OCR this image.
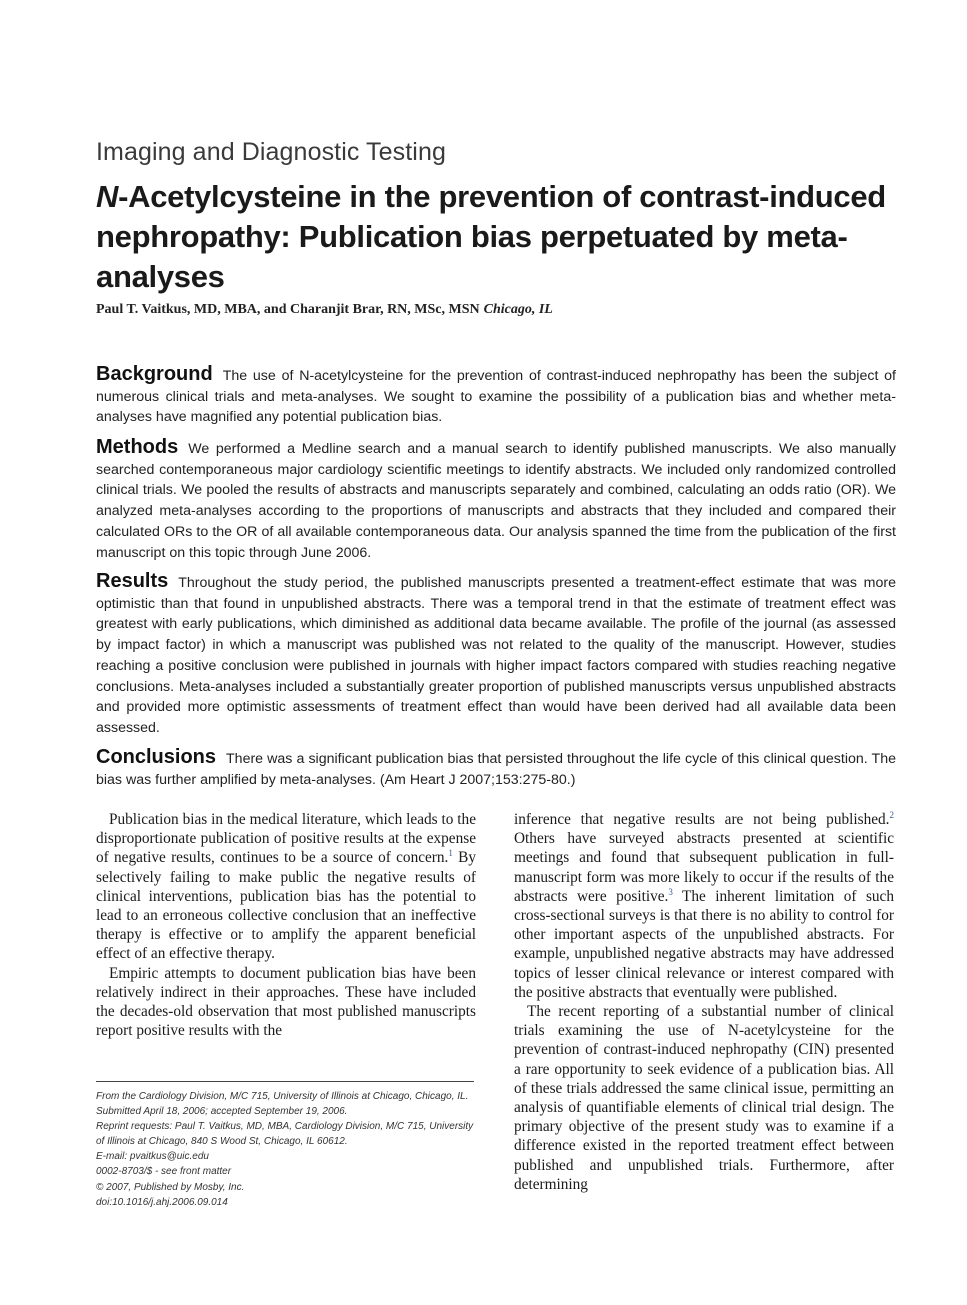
Imaging and Diagnostic Testing
N-Acetylcysteine in the prevention of contrast-induced nephropathy: Publication bias perpetuated by meta-analyses
Paul T. Vaitkus, MD, MBA, and Charanjit Brar, RN, MSc, MSN Chicago, IL

Background The use of N-acetylcysteine for the prevention of contrast-induced nephropathy has been the subject of numerous clinical trials and meta-analyses. We sought to examine the possibility of a publication bias and whether meta-analyses have magnified any potential publication bias.

Methods We performed a Medline search and a manual search to identify published manuscripts. We also manually searched contemporaneous major cardiology scientific meetings to identify abstracts. We included only randomized controlled clinical trials. We pooled the results of abstracts and manuscripts separately and combined, calculating an odds ratio (OR). We analyzed meta-analyses according to the proportions of manuscripts and abstracts that they included and compared their calculated ORs to the OR of all available contemporaneous data. Our analysis spanned the time from the publication of the first manuscript on this topic through June 2006.

Results Throughout the study period, the published manuscripts presented a treatment-effect estimate that was more optimistic than that found in unpublished abstracts. There was a temporal trend in that the estimate of treatment effect was greatest with early publications, which diminished as additional data became available. The profile of the journal (as assessed by impact factor) in which a manuscript was published was not related to the quality of the manuscript. However, studies reaching a positive conclusion were published in journals with higher impact factors compared with studies reaching negative conclusions. Meta-analyses included a substantially greater proportion of published manuscripts versus unpublished abstracts and provided more optimistic assessments of treatment effect than would have been derived had all available data been assessed.

Conclusions There was a significant publication bias that persisted throughout the life cycle of this clinical question. The bias was further amplified by meta-analyses. (Am Heart J 2007;153:275-80.)

Publication bias in the medical literature, which leads to the disproportionate publication of positive results at the expense of negative results, continues to be a source of concern.$^1$ By selectively failing to make public the negative results of clinical interventions, publication bias has the potential to lead to an erroneous collective conclusion that an ineffective therapy is effective or to amplify the apparent beneficial effect of an effective therapy.

Empiric attempts to document publication bias have been relatively indirect in their approaches. These have included the decades-old observation that most published manuscripts report positive results with the

inference that negative results are not being published.$^2$ Others have surveyed abstracts presented at scientific meetings and found that subsequent publication in full-manuscript form was more likely to occur if the results of the abstracts were positive.$^3$ The inherent limitation of such cross-sectional surveys is that there is no ability to control for other important aspects of the unpublished abstracts. For example, unpublished negative abstracts may have addressed topics of lesser clinical relevance or interest compared with the positive abstracts that eventually were published.

The recent reporting of a substantial number of clinical trials examining the use of N-acetylcysteine for the prevention of contrast-induced nephropathy (CIN) presented a rare opportunity to seek evidence of a publication bias. All of these trials addressed the same clinical issue, permitting an analysis of quantifiable elements of clinical trial design. The primary objective of the present study was to examine if a difference existed in the reported treatment effect between published and unpublished trials. Furthermore, after determining

From the Cardiology Division, M/C 715, University of Illinois at Chicago, Chicago, IL.
Submitted April 18, 2006; accepted September 19, 2006.
Reprint requests: Paul T. Vaitkus, MD, MBA, Cardiology Division, M/C 715, University of Illinois at Chicago, 840 S Wood St, Chicago, IL 60612.
E-mail: pvaitkus@uic.edu
0002-8703/$ - see front matter
© 2007, Published by Mosby, Inc.
doi:10.1016/j.ahj.2006.09.014
